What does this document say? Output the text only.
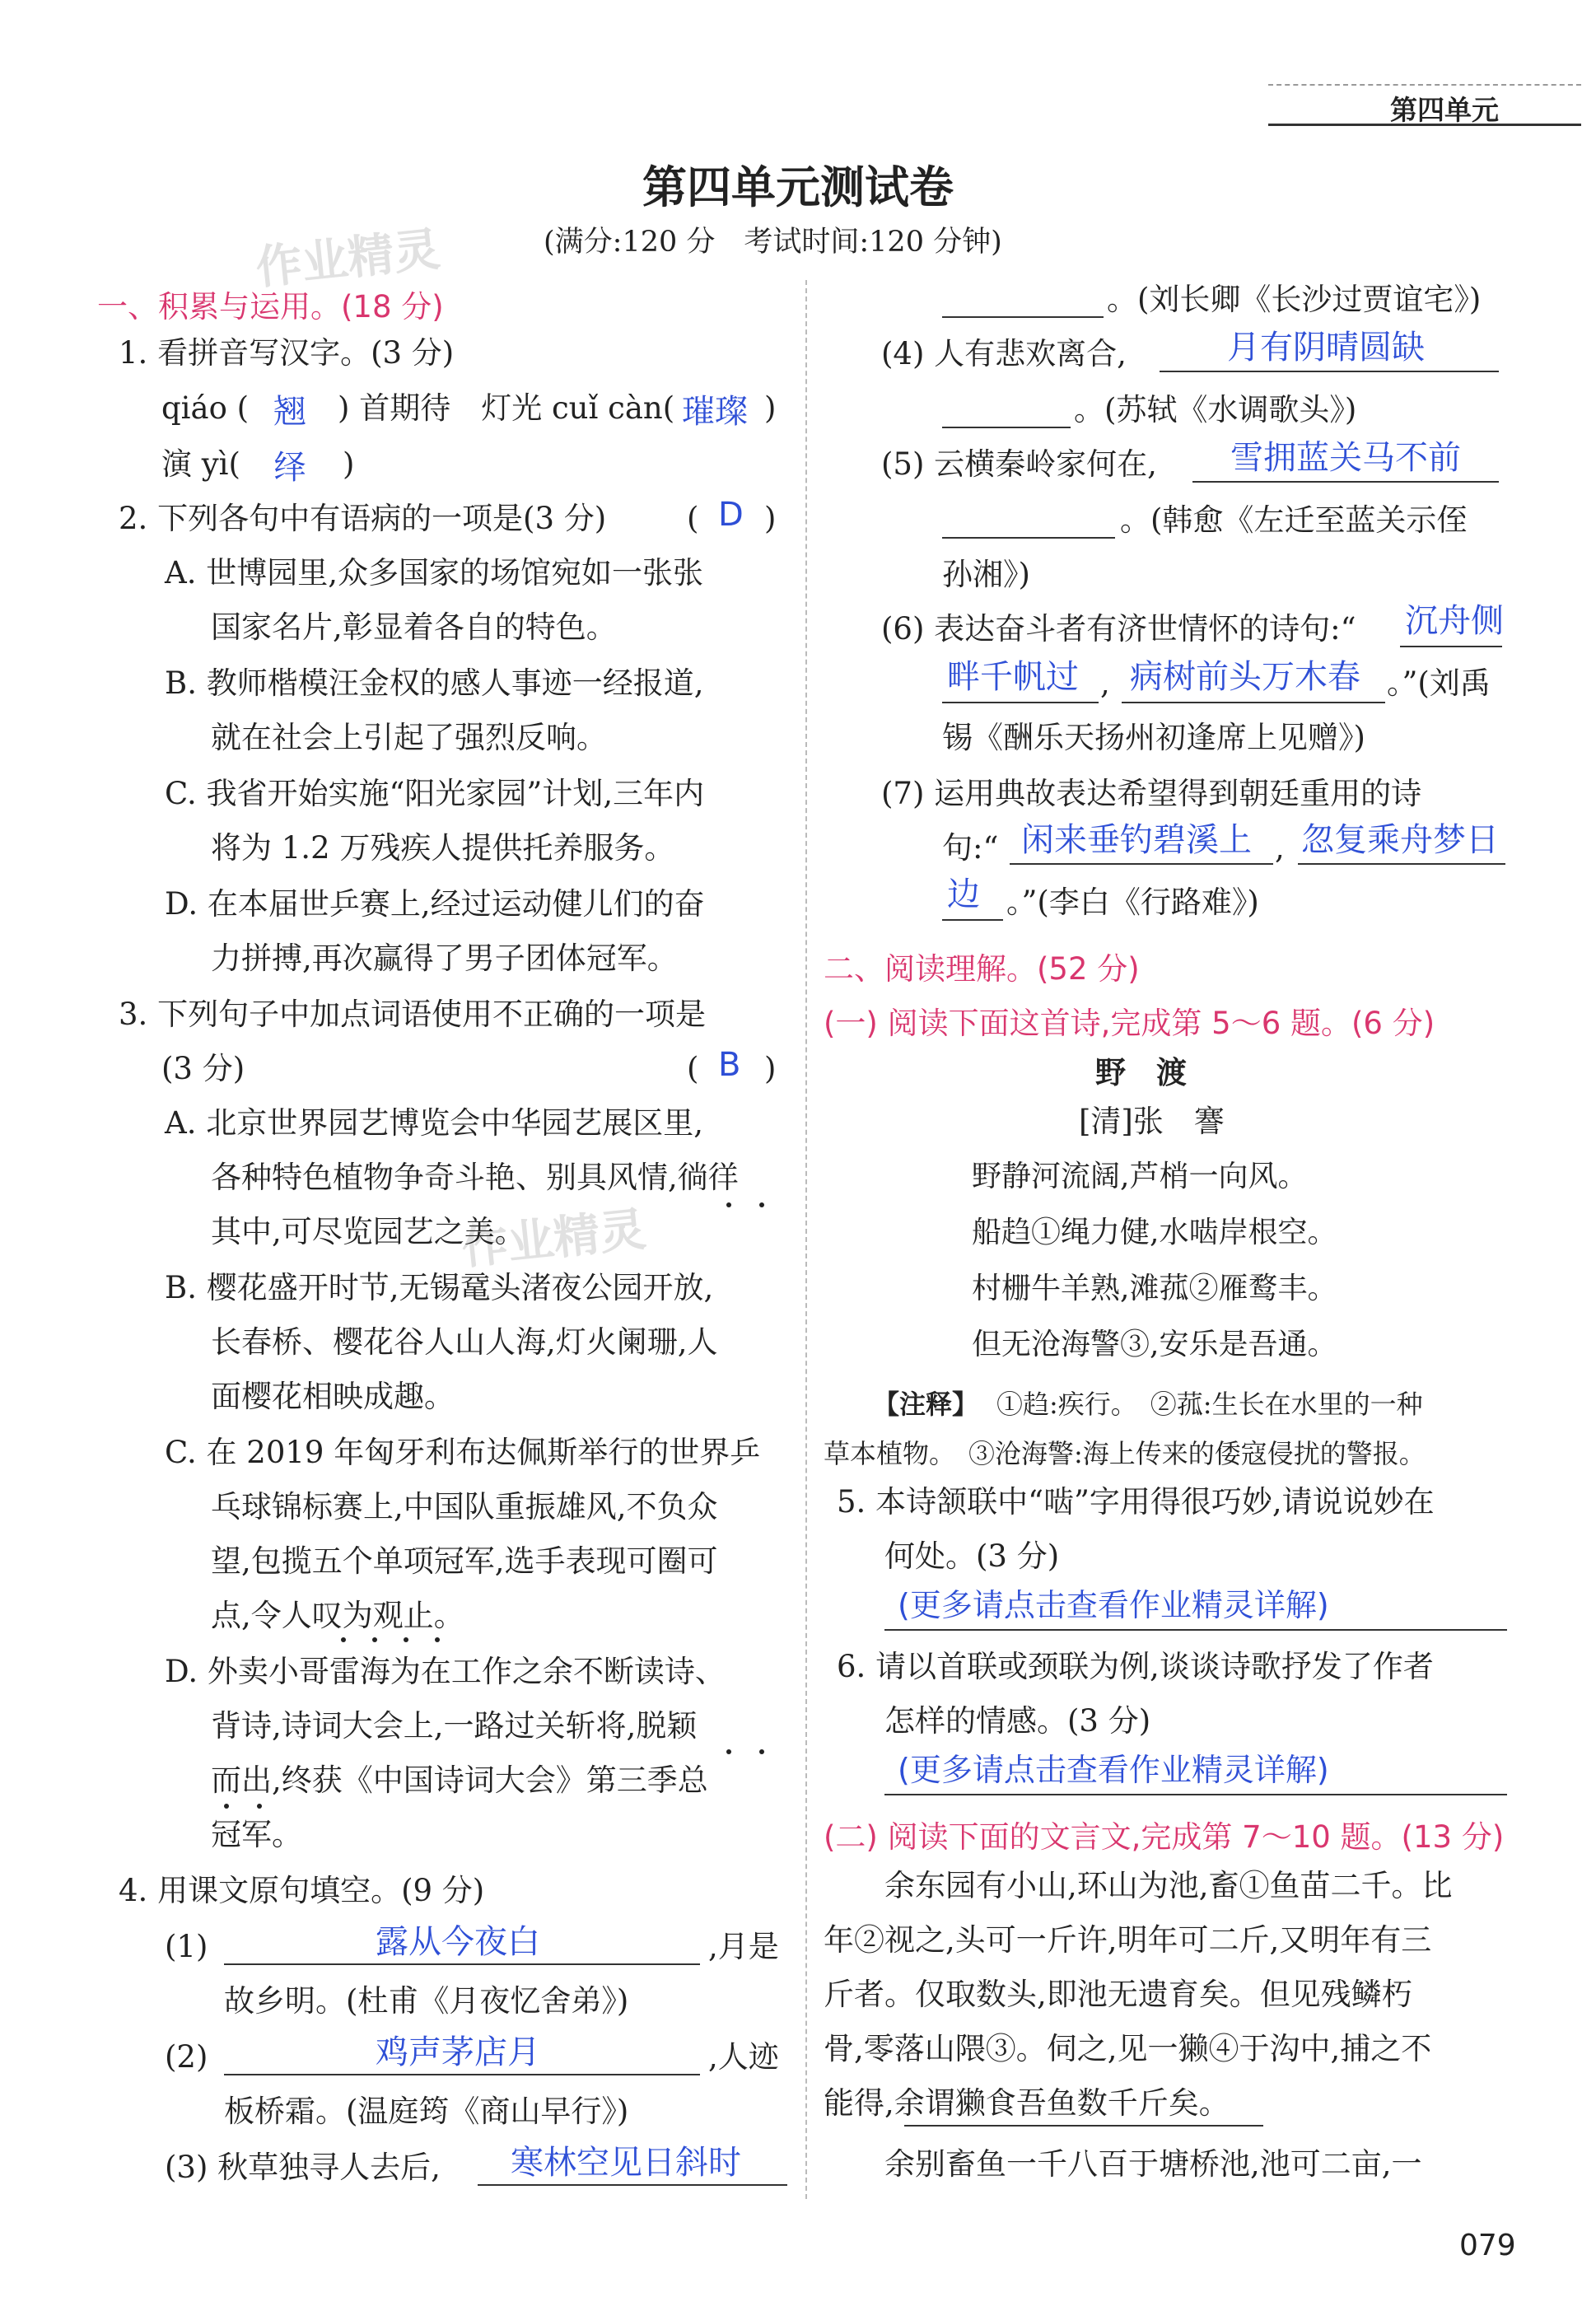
第四单元
第四单元测试卷
(满分:120 分　考试时间:120 分钟)
作业精灵
作业精灵
一、积累与运用。(18 分)
1. 看拼音写汉字。(3 分)
qiáo ( 翘 ) 首期待　灯光 cuǐ càn( 璀璨 )
演 yì( 绎 )
2. 下列各句中有语病的一项是(3 分)	( D )
A. 世博园里,众多国家的场馆宛如一张张
国家名片,彰显着各自的特色。
B. 教师楷模汪金权的感人事迹一经报道,
就在社会上引起了强烈反响。
C. 我省开始实施“阳光家园”计划,三年内
将为 1.2 万残疾人提供托养服务。
D. 在本届世乒赛上,经过运动健儿们的奋
力拼搏,再次赢得了男子团体冠军。
3. 下列句子中加点词语使用不正确的一项是
(3 分)	( B )
A. 北京世界园艺博览会中华园艺展区里,
各种特色植物争奇斗艳、别具风情,徜徉
其中,可尽览园艺之美。
B. 樱花盛开时节,无锡鼋头渚夜公园开放,
长春桥、樱花谷人山人海,灯火阑珊,人
面樱花相映成趣。
C. 在 2019 年匈牙利布达佩斯举行的世界乒
乓球锦标赛上,中国队重振雄风,不负众
望,包揽五个单项冠军,选手表现可圈可
点,令人叹为观止。
D. 外卖小哥雷海为在工作之余不断读诗、
背诗,诗词大会上,一路过关斩将,脱颖
而出,终获《中国诗词大会》第三季总
冠军。
4. 用课文原句填空。(9 分)
(1)	露从今夜白	,月是
故乡明。(杜甫《月夜忆舍弟》)
(2)	鸡声茅店月	,人迹
板桥霜。(温庭筠《商山早行》)
(3) 秋草独寻人去后, 寒林空见日斜时
。(刘长卿《长沙过贾谊宅》)
(4) 人有悲欢离合,	月有阴晴圆缺
。(苏轼《水调歌头》)
(5) 云横秦岭家何在, 雪拥蓝关马不前
。(韩愈《左迁至蓝关示侄
孙湘》)
(6) 表达奋斗者有济世情怀的诗句:“ 沉舟侧
畔千帆过 , 病树前头万木春 。”(刘禹
锡《酬乐天扬州初逢席上见赠》)
(7) 运用典故表达希望得到朝廷重用的诗
句:“ 闲来垂钓碧溪上 , 忽复乘舟梦日
边 。”(李白《行路难》)
二、阅读理解。(52 分)
(一) 阅读下面这首诗,完成第 5～6 题。(6 分)
野　渡
[清]张　謇
野静河流阔,芦梢一向风。
船趋①绳力健,水啮岸根空。
村栅牛羊熟,滩菰②雁鹜丰。
但无沧海警③,安乐是吾通。
【注释】 ①趋:疾行。　②菰:生长在水里的一种
草本植物。　③沧海警:海上传来的倭寇侵扰的警报。
5. 本诗颔联中“啮”字用得很巧妙,请说说妙在
何处。(3 分)
(更多请点击查看作业精灵详解)
6. 请以首联或颈联为例,谈谈诗歌抒发了作者
怎样的情感。(3 分)
(更多请点击查看作业精灵详解)
(二) 阅读下面的文言文,完成第 7～10 题。(13 分)
余东园有小山,环山为池,畜①鱼苗二千。比
年②视之,头可一斤许,明年可二斤,又明年有三
斤者。仅取数头,即池无遗育矣。但见残鳞朽
骨,零落山隈③。伺之,见一獭④于沟中,捕之不
能得,余谓獭食吾鱼数千斤矣。
余别畜鱼一千八百于塘桥池,池可二亩,一
079
